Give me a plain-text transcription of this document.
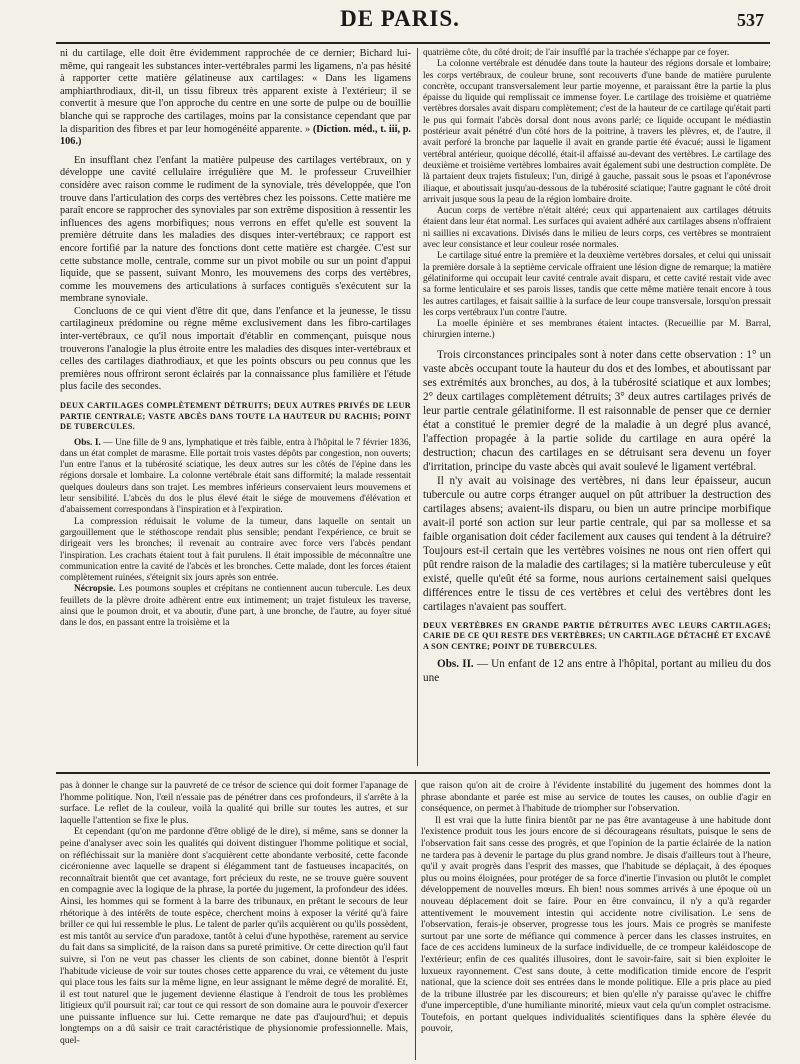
DE PARIS.	537

ni du cartilage, elle doit être évidemment rapprochée de ce dernier; Bichard lui-même, qui rangeait les substances inter-vertébrales parmi les ligamens, n'a pas hésité à rapporter cette matière gélatineuse aux cartilages: « Dans les ligamens amphiarthrodiaux, dit-il, un tissu fibreux très apparent existe à l'extérieur; il se convertit à mesure que l'on approche du centre en une sorte de pulpe ou de bouillie blanche qui se rapproche des cartilages, moins par la consistance cependant que par la disparition des fibres et par leur homogénéité apparente. » (Diction. méd., t. iii, p. 106.)

En insufflant chez l'enfant la matière pulpeuse des cartilages vertébraux, on y développe une cavité cellulaire irrégulière que M. le professeur Cruveilhier considère avec raison comme le rudiment de la synoviale, très développée, que l'on trouve dans l'articulation des corps des vertèbres chez les poissons. Cette matière me paraît encore se rapprocher des synoviales par son extrême disposition à ressentir les influences des agens morbifiques; nous verrons en effet qu'elle est souvent la première détruite dans les maladies des disques inter-vertébraux; ce rapport est encore fortifié par la nature des fonctions dont cette matière est chargée. C'est sur cette substance molle, centrale, comme sur un pivot mobile ou sur un point d'appui liquide, que se passent, suivant Monro, les mouvemens des corps des vertèbres, comme les mouvemens des articulations à surfaces contiguës s'exécutent sur la membrane synoviale.

Concluons de ce qui vient d'être dit que, dans l'enfance et la jeunesse, le tissu cartilagineux prédomine ou règne même exclusivement dans les fibro-cartilages inter-vertébraux, ce qu'il nous importait d'établir en commençant, puisque nous trouverons l'analogie la plus étroite entre les maladies des disques inter-vertébraux et celles des cartilages diathrodiaux, et que les points obscurs ou peu connus que les premières nous offriront seront éclairés par la connaissance plus familière et l'étude plus facile des secondes.

DEUX CARTILAGES COMPLÈTEMENT DÉTRUITS; DEUX AUTRES PRIVÉS DE LEUR PARTIE CENTRALE; VASTE ABCÈS DANS TOUTE LA HAUTEUR DU RACHIS; POINT DE TUBERCULES.

Obs. I. — Une fille de 9 ans, lymphatique et très faible, entra à l'hôpital le 7 février 1836, dans un état complet de marasme. Elle portait trois vastes dépôts par congestion, non ouverts; l'un entre l'anus et la tubérosité sciatique, les deux autres sur les côtés de l'épine dans les régions dorsale et lombaire. La colonne vertébrale était sans difformité; la malade ressentait quelques douleurs dans son trajet. Les membres inférieurs conservaient leurs mouvemens et leur sensibilité. L'abcès du dos le plus élevé était le siége de mouvemens d'élévation et d'abaissement correspondans à l'inspiration et à l'expiration.

La compression réduisait le volume de la tumeur, dans laquelle on sentait un gargouillement que le stéthoscope rendait plus sensible; pendant l'expérience, ce bruit se dirigeait vers les bronches; il revenait au contraire avec force vers l'abcès pendant l'inspiration. Les crachats étaient tout à fait purulens. Il était impossible de méconnaître une communication entre la cavité de l'abcès et les bronches. Cette malade, dont les forces étaient complètement ruinées, s'éteignit six jours après son entrée.

Nécropsie. Les poumons souples et crépitans ne contiennent aucun tubercule. Les deux feuillets de la plèvre droite adhèrent entre eux intimement; un trajet fistuleux les traverse, ainsi que le poumon droit, et va aboutir, d'une part, à une bronche, de l'autre, au foyer situé dans le dos, en passant entre la troisième et la

quatrième côte, du côté droit; de l'air insufflé par la trachée s'échappe par ce foyer.

La colonne vertébrale est dénudée dans toute la hauteur des régions dorsale et lombaire; les corps vertébraux, de couleur brune, sont recouverts d'une bande de matière purulente concrète, occupant transversalement leur partie moyenne, et paraissant être la partie la plus épaisse du liquide qui remplissait ce immense foyer. Le cartilage des troisième et quatrième vertèbres dorsales avait disparu complètement; c'est de la hauteur de ce cartilage qu'était parti le pus qui formait l'abcès dorsal dont nous avons parlé; ce liquide occupant le médiastin postérieur avait pénétré d'un côté hors de la poitrine, à travers les plèvres, et, de l'autre, il avait perforé la bronche par laquelle il avait en grande partie été évacué; aussi le ligament vertébral antérieur, quoique décollé, était-il affaissé au-devant des vertèbres. Le cartilage des deuxième et troisième vertèbres lombaires avait également subi une destruction complète. De là partaient deux trajets fistuleux; l'un, dirigé à gauche, passait sous le psoas et l'aponévrose iliaque, et aboutissait jusqu'au-dessous de la tubérosité sciatique; l'autre gagnant le côté droit arrivait jusque sous la peau de la région lombaire droite.

Aucun corps de vertèbre n'était altéré; ceux qui appartenaient aux cartilages détruits étaient dans leur état normal. Les surfaces qui avaient adhéré aux cartilages absens n'offraient ni saillies ni excavations. Divisés dans le milieu de leurs corps, ces vertèbres se montraient avec leur consistance et leur couleur rosée normales.

Le cartilage situé entre la première et la deuxième vertèbres dorsales, et celui qui unissait la première dorsale à la septième cervicale offraient une lésion digne de remarque; la matière gélatiniforme qui occupait leur cavité centrale avait disparu, et cette cavité restait vide avec sa forme lenticulaire et ses parois lisses, tandis que cette même matière tenait encore à tous les autres cartilages, et faisait saillie à la surface de leur coupe transversale, lorsqu'on pressait les corps vertébraux l'un contre l'autre.

La moelle épinière et ses membranes étaient intactes. (Recueillie par M. Barral, chirurgien interne.)

Trois circonstances principales sont à noter dans cette observation : 1° un vaste abcès occupant toute la hauteur du dos et des lombes, et aboutissant par ses extrémités aux bronches, au dos, à la tubérosité sciatique et aux lombes; 2° deux cartilages complètement détruits; 3° deux autres cartilages privés de leur partie centrale gélatiniforme. Il est raisonnable de penser que ce dernier état a constitué le premier degré de la maladie à un degré plus avancé, l'affection propagée à la partie solide du cartilage en aura opéré la destruction; chacun des cartilages en se détruisant sera devenu un foyer d'irritation, principe du vaste abcès qui avait soulevé le ligament vertébral.

Il n'y avait au voisinage des vertèbres, ni dans leur épaisseur, aucun tubercule ou autre corps étranger auquel on pût attribuer la destruction des cartilages absens; avaient-ils disparu, ou bien un autre principe morbifique avait-il porté son action sur leur partie centrale, qui par sa mollesse et sa faible organisation doit céder facilement aux causes qui tendent à la détruire? Toujours est-il certain que les vertèbres voisines ne nous ont rien offert qui pût rendre raison de la maladie des cartilages; si la matière tuberculeuse y eût existé, quelle qu'eût été sa forme, nous aurions certainement saisi quelques différences entre le tissu de ces vertèbres et celui des vertèbres dont les cartilages n'avaient pas souffert.

DEUX VERTÈBRES EN GRANDE PARTIE DÉTRUITES AVEC LEURS CARTILAGES; CARIE DE CE QUI RESTE DES VERTÈBRES; UN CARTILAGE DÉTACHÉ ET EXCAVÉ A SON CENTRE; POINT DE TUBERCULES.

Obs. II. — Un enfant de 12 ans entre à l'hôpital, portant au milieu du dos une

pas à donner le change sur la pauvreté de ce trésor de science qui doit former l'apanage de l'homme politique. Non, l'œil n'essaie pas de pénétrer dans ces profondeurs, il s'arrête à la surface. Le reflet de la couleur, voilà la qualité qui brille sur toutes les autres, et sur laquelle l'attention se fixe le plus.

Et cependant (qu'on me pardonne d'être obligé de le dire), si même, sans se donner la peine d'analyser avec soin les qualités qui doivent distinguer l'homme politique et social, on réfléchissait sur la manière dont s'acquièrent cette abondante verbosité, cette faconde cicéronienne avec laquelle se drapent si élégamment tant de fastueuses incapacités, on reconnaîtrait bientôt que cet avantage, fort précieux du reste, ne se trouve guère souvent en compagnie avec la logique de la phrase, la portée du jugement, la profondeur des idées. Ainsi, les hommes qui se forment à la barre des tribunaux, en prêtant le secours de leur rhétorique à des intérêts de toute espèce, cherchent moins à exposer la vérité qu'à faire briller ce qui lui ressemble le plus. Le talent de parler qu'ils acquièrent ou qu'ils possèdent, est mis tantôt au service d'un paradoxe, tantôt à celui d'une hypothèse, rarement au service du fait dans sa simplicité, de la raison dans sa pureté primitive. Or cette direction qu'il faut suivre, si l'on ne veut pas chasser les clients de son cabinet, donne bientôt à l'esprit l'habitude vicieuse de voir sur toutes choses cette apparence du vrai, ce vêtement du juste qui place tous les faits sur la même ligne, en leur assignant le même degré de moralité. Et, il est tout naturel que le jugement devienne élastique à l'endroit de tous les problèmes litigieux qu'il poursuit raï; car tout ce qui ressort de son domaine aura le pouvoir d'exercer une puissante influence sur lui. Cette remarque ne date pas d'aujourd'hui; et depuis longtemps on a dû saisir ce trait caractéristique de physionomie professionnelle. Mais, quel-

que raison qu'on ait de croire à l'évidente instabilité du jugement des hommes dont la phrase abondante et parée est mise au service de toutes les causes, on oublie d'agir en conséquence, on permet à l'habitude de triompher sur l'observation.

Il est vrai que la lutte finira bientôt par ne pas être avantageuse à une habitude dont l'existence produit tous les jours encore de si décourageans résultats, puisque le sens de l'observation fait sans cesse des progrès, et que l'opinion de la partie éclairée de la nation ne tardera pas à devenir le partage du plus grand nombre. Je disais d'ailleurs tout à l'heure, qu'il y avait progrès dans l'esprit des masses, que l'habitude se déplaçait, à des époques plus ou moins éloignées, pour protéger de sa force d'inertie l'invasion ou plutôt le complet développement de nouvelles mœurs. Eh bien! nous sommes arrivés à une époque où un nouveau déplacement doit se faire. Pour en être convaincu, il n'y a qu'à regarder attentivement le mouvement intestin qui accidente notre civilisation. Le sens de l'observation, ferais-je observer, progresse tous les jours. Mais ce progrès se manifeste surtout par une sorte de méfiance qui commence à percer dans les classes instruites, en face de ces accidens lumineux de la surface individuelle, de ce trompeur kaléidoscope de l'extérieur; enfin de ces qualités illusoires, dont le savoir-faire, sait si bien exploiter le luxueux rayonnement. C'est sans doute, à cette modification timide encore de l'esprit national, que la science doit ses entrées dans le monde politique. Elle a pris place au pied de la tribune illustrée par les discoureurs; et bien qu'elle n'y paraisse qu'avec le chiffre d'une imperceptible, d'une humiliante minorité, mieux vaut cela qu'un complet ostracisme. Toutefois, en portant quelques individualités scientifiques dans la sphère élevée du pouvoir,
